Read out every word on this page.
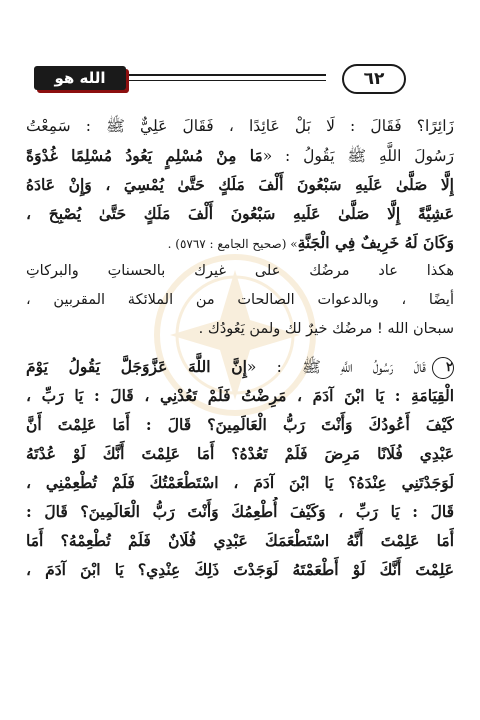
الله هو الطبيب
٦٢
زَائِرًا؟ فَقَالَ : لَا بَلْ عَائِدًا ، فَقَالَ عَلِيٌّ ﷺ : سَمِعْتُ
رَسُولَ اللَّهِ ﷺ يَقُولُ : «مَا مِنْ مُسْلِمٍ يَعُودُ مُسْلِمًا غُدْوَةً
إِلَّا صَلَّىٰ عَلَيهِ سَبْعُونَ أَلْفَ مَلَكٍ حَتَّىٰ يُمْسِيَ ، وَإِنْ عَادَهُ
عَشِيَّةً إِلَّا صَلَّىٰ عَلَيهِ سَبْعُونَ أَلْفَ مَلَكٍ حَتَّىٰ يُصْبِحَ ،
وَكَانَ لَهُ خَرِيفٌ فِي الْجَنَّةِ» (صحيح الجامع : ٥٧٦٧) .
هكذا عاد مرضُك على غيرك بالحسناتِ والبركاتِ
أيضًا ، وبالدعوات الصالحات من الملائكة المقربين ،
سبحان الله ! مرضُك خيرٌ لك ولمن يَعُودُك .
٢قَالَ رَسُولُ اللَّهِ ﷺ : «إِنَّ اللَّهَ عَزَّوَجَلَّ يَقُولُ يَوْمَ
الْقِيَامَةِ : يَا ابْنَ آدَمَ ، مَرِضْتُ فَلَمْ تَعُدْنِي ، قَالَ : يَا رَبِّ ،
كَيْفَ أَعُودُكَ وَأَنْتَ رَبُّ الْعَالَمِينَ؟ قَالَ : أَمَا عَلِمْتَ أَنَّ
عَبْدِي فُلَانًا مَرِضَ فَلَمْ تَعُدْهُ؟ أَمَا عَلِمْتَ أَنَّكَ لَوْ عُدْتَهُ
لَوَجَدْتَنِي عِنْدَهُ؟ يَا ابْنَ آدَمَ ، اسْتَطْعَمْتُكَ فَلَمْ تُطْعِمْنِي ،
قَالَ : يَا رَبِّ ، وَكَيْفَ أُطْعِمُكَ وَأَنْتَ رَبُّ الْعَالَمِينَ؟ قَالَ :
أَمَا عَلِمْتَ أَنَّهُ اسْتَطْعَمَكَ عَبْدِي فُلَانٌ فَلَمْ تُطْعِمْهُ؟ أَمَا
عَلِمْتَ أَنَّكَ لَوْ أَطْعَمْتَهُ لَوَجَدْتَ ذَلِكَ عِنْدِي؟ يَا ابْنَ آدَمَ ،
